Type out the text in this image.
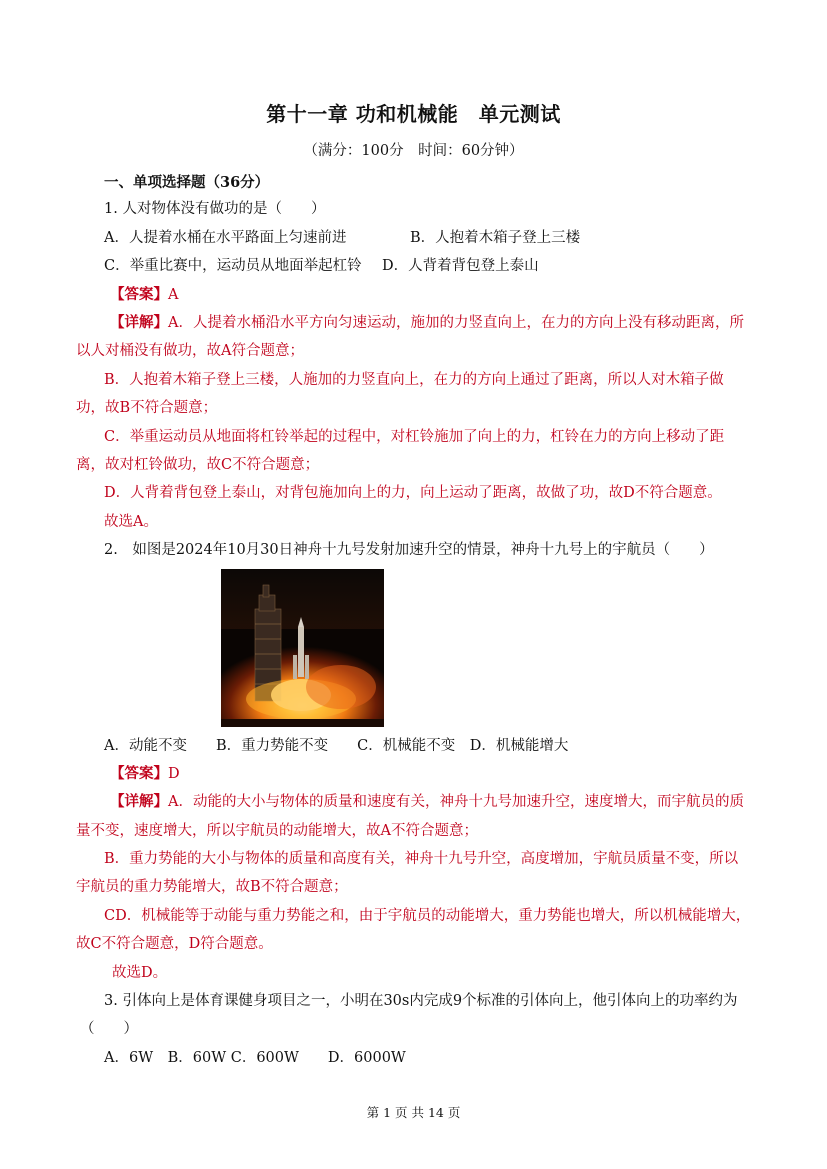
第十一章 功和机械能　单元测试
（满分：100分　时间：60分钟）
一、单项选择题（36分）
1. 人对物体没有做功的是（　　）
A．人提着水桶在水平路面上匀速前进	B．人抱着木箱子登上三楼
C．举重比赛中，运动员从地面举起杠铃 D．人背着背包登上泰山
【答案】A
【详解】A．人提着水桶沿水平方向匀速运动，施加的力竖直向上，在力的方向上没有移动距离，所
以人对桶没有做功，故A符合题意；
B．人抱着木箱子登上三楼，人施加的力竖直向上，在力的方向上通过了距离，所以人对木箱子做
功，故B不符合题意；
C．举重运动员从地面将杠铃举起的过程中，对杠铃施加了向上的力，杠铃在力的方向上移动了距
离，故对杠铃做功，故C不符合题意；
D．人背着背包登上泰山，对背包施加向上的力，向上运动了距离，故做了功，故D不符合题意。
故选A。
2.　如图是2024年10月30日神舟十九号发射加速升空的情景，神舟十九号上的宇航员（　　）
A．动能不变　　B．重力势能不变　　C．机械能不变　D．机械能增大
【答案】D
【详解】A．动能的大小与物体的质量和速度有关，神舟十九号加速升空，速度增大，而宇航员的质
量不变，速度增大，所以宇航员的动能增大，故A不符合题意；
B．重力势能的大小与物体的质量和高度有关，神舟十九号升空，高度增加，宇航员质量不变，所以
宇航员的重力势能增大，故B不符合题意；
CD．机械能等于动能与重力势能之和，由于宇航员的动能增大，重力势能也增大，所以机械能增大，
故C不符合题意，D符合题意。
故选D。
3. 引体向上是体育课健身项目之一，小明在30s内完成9个标准的引体向上，他引体向上的功率约为
（　　）
A．6W　B．60W C．600W　　D．6000W
第 1 页 共 14 页
